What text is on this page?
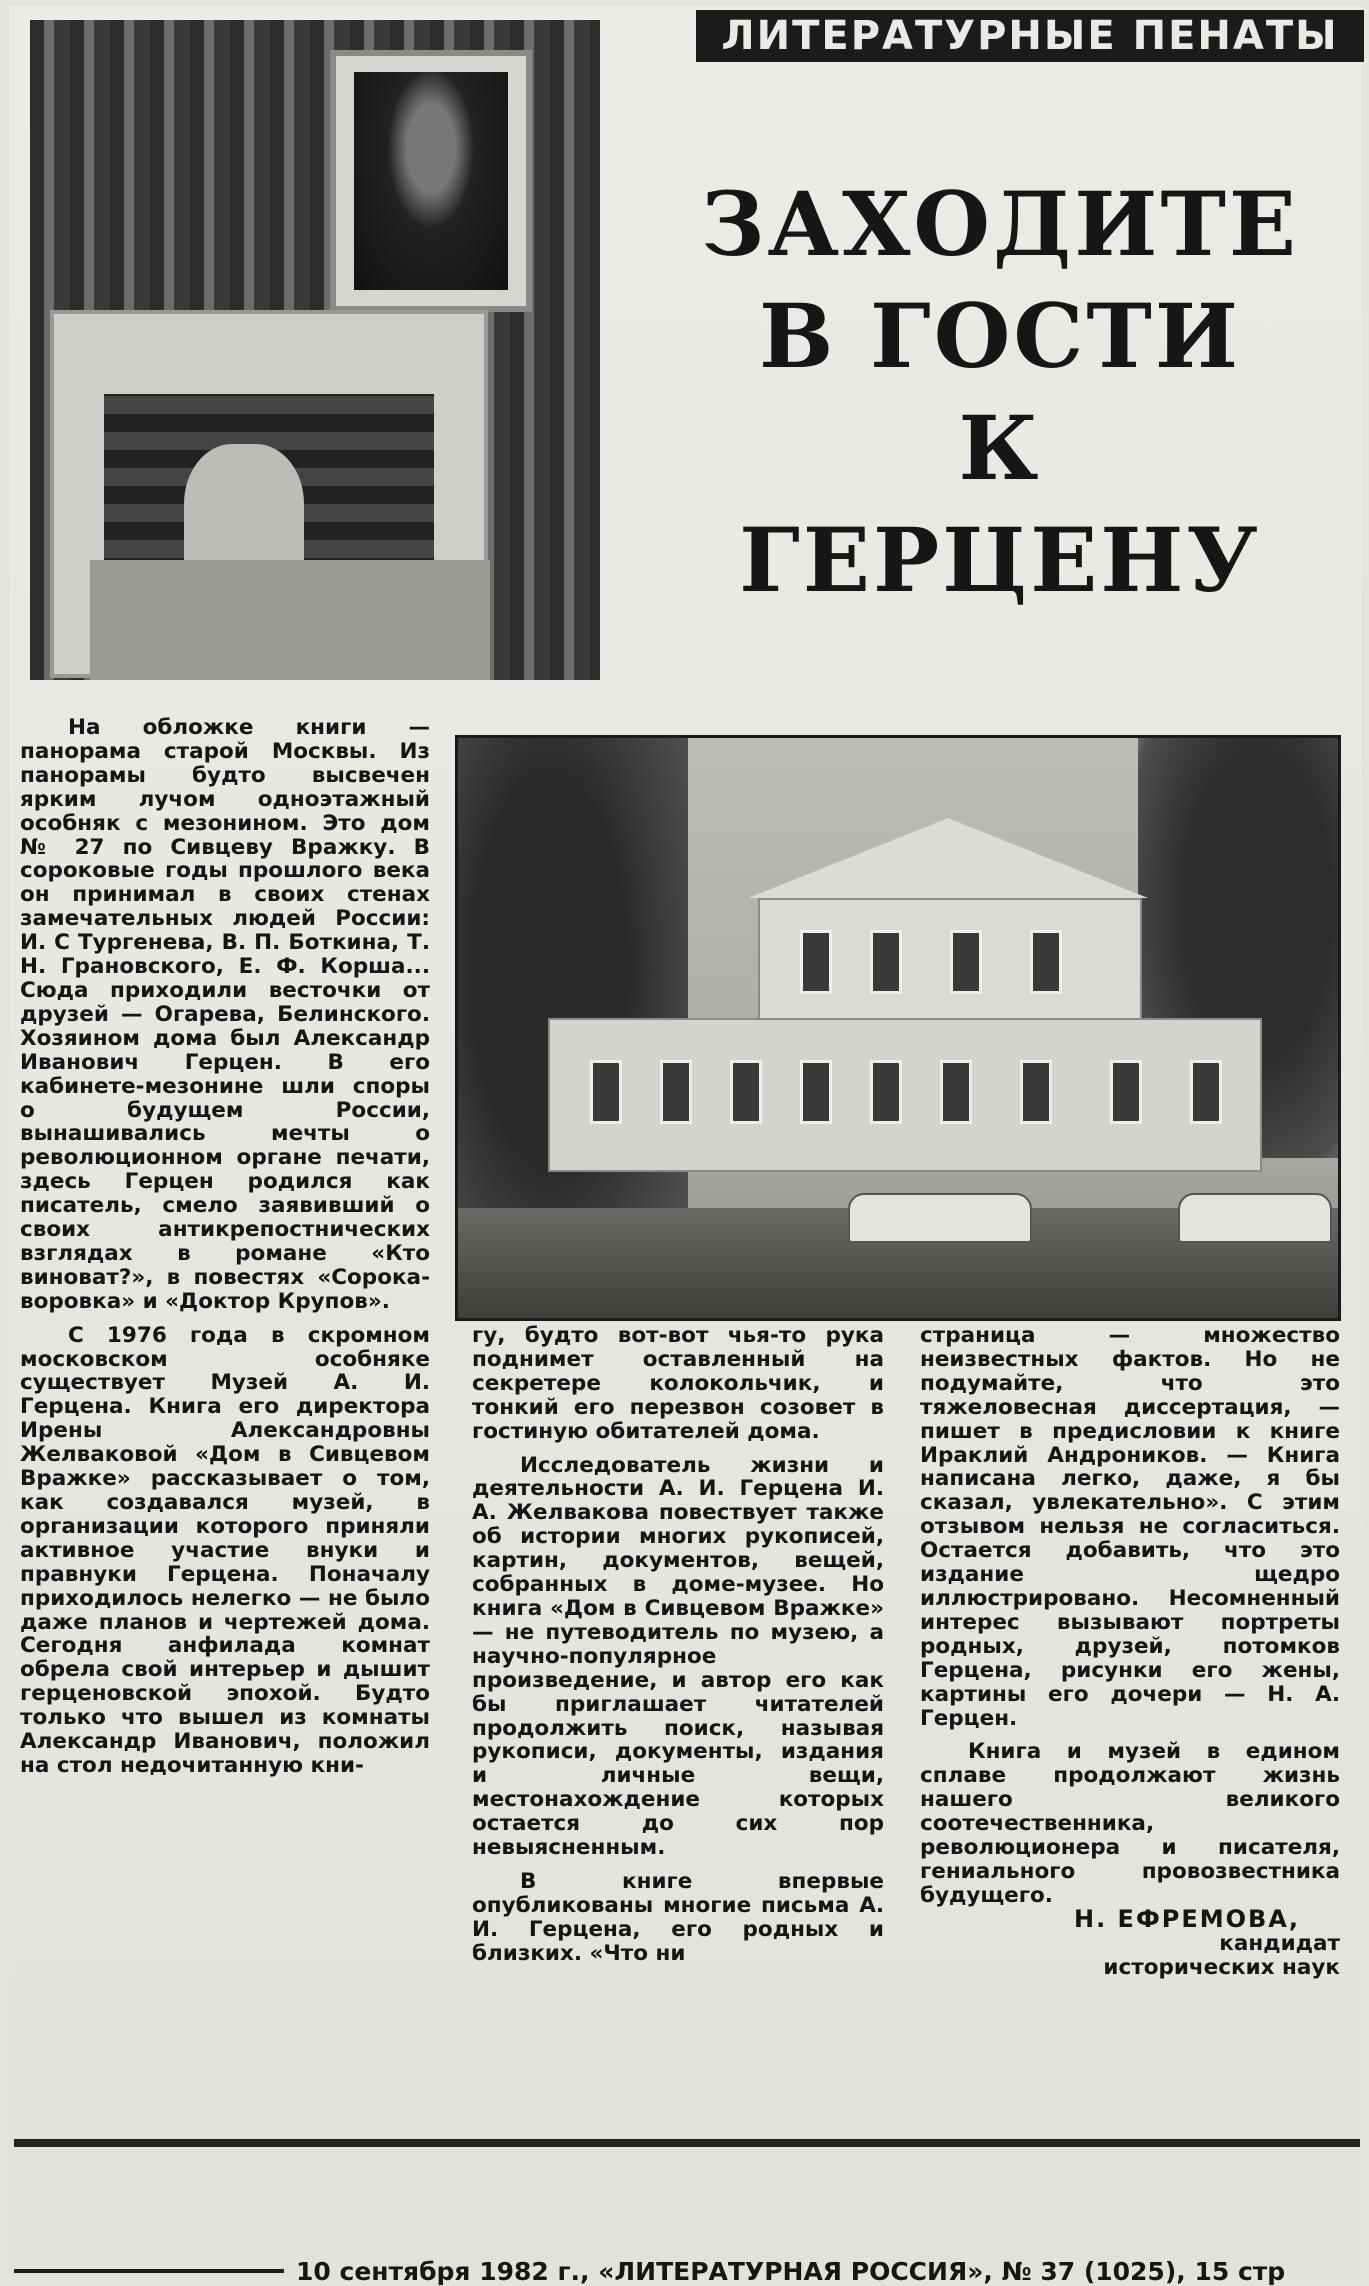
ЛИТЕРАТУРНЫЕ ПЕНАТЫ
ЗАХОДИТЕ
В ГОСТИ
К
ГЕРЦЕНУ

На обложке книги — панорама старой Москвы. Из панорамы будто высвечен ярким лучом одноэтажный особняк с мезонином. Это дом № 27 по Сивцеву Вражку. В сороковые годы прошлого века он принимал в своих стенах замечательных людей России: И. С Тургенева, В. П. Боткина, Т. Н. Грановского, Е. Ф. Корша... Сюда приходили весточки от друзей — Огарева, Белинского. Хозяином дома был Александр Иванович Герцен. В его кабинете-мезонине шли споры о будущем России, вынашивались мечты о революционном органе печати, здесь Герцен родился как писатель, смело заявивший о своих антикрепостнических взглядах в романе «Кто виноват?», в повестях «Сорока-воровка» и «Доктор Крупов».

С 1976 года в скромном московском особняке существует Музей А. И. Герцена. Книга его директора Ирены Александровны Желваковой «Дом в Сивцевом Вражке» рассказывает о том, как создавался музей, в организации которого приняли активное участие внуки и правнуки Герцена. Поначалу приходилось нелегко — не было даже планов и чертежей дома. Сегодня анфилада комнат обрела свой интерьер и дышит герценовской эпохой. Будто только что вышел из комнаты Александр Иванович, положил на стол недочитанную кни-

гу, будто вот-вот чья-то рука поднимет оставленный на секретере колокольчик, и тонкий его перезвон созовет в гостиную обитателей дома.

Исследователь жизни и деятельности А. И. Герцена И. А. Желвакова повествует также об истории многих рукописей, картин, документов, вещей, собранных в доме-музее. Но книга «Дом в Сивцевом Вражке» — не путеводитель по музею, а научно-популярное произведение, и автор его как бы приглашает читателей продолжить поиск, называя рукописи, документы, издания и личные вещи, местонахождение которых остается до сих пор невыясненным.

В книге впервые опубликованы многие письма А. И. Герцена, его родных и близких. «Что ни

страница — множество неизвестных фактов. Но не подумайте, что это тяжеловесная диссертация, — пишет в предисловии к книге Ираклий Андроников. — Книга написана легко, даже, я бы сказал, увлекательно». С этим отзывом нельзя не согласиться. Остается добавить, что это издание щедро иллюстрировано. Несомненный интерес вызывают портреты родных, друзей, потомков Герцена, рисунки его жены, картины его дочери — Н. А. Герцен.

Книга и музей в едином сплаве продолжают жизнь нашего великого соотечественника, революционера и писателя, гениального провозвестника будущего.

Н. ЕФРЕМОВА,
кандидат
исторических наук
10 сентября 1982 г., «ЛИТЕРАТУРНАЯ РОССИЯ», № 37 (1025), 15 стр
